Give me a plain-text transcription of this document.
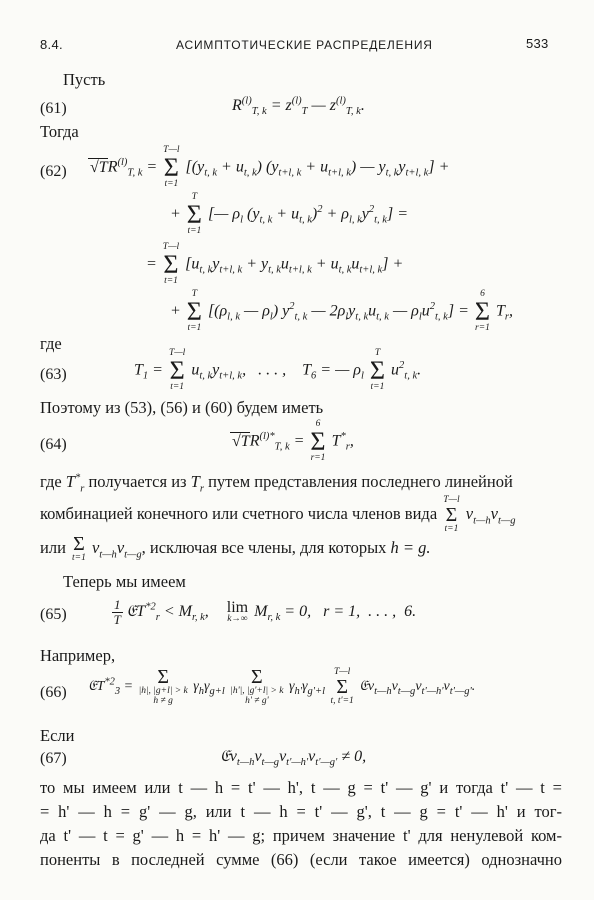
8.4.	АСИМПТОТИЧЕСКИЕ РАСПРЕДЕЛЕНИЯ	533
Пусть
(61)	$R^{(l)}_{T, k} = z^{(l)}_T$ — $z^{(l)}_{T, k}$.
Тогда
(62) $√TR^{(l)}_{T, k}$ =
T—l
Σ
t=1
[$(y_{t, k} + u_{t, k}) (y_{t+l, k} + u_{t+l, k})$ — $y_{t, k}y_{t+l, k}$] +
+
T
Σ
t=1
[— $\rho_l$ $(y_{t, k} + u_{t, k})^2 + \rho_{l, k}y^2_{t, k}$] =
=
T—l
Σ
t=1
$[u_{t, k}y_{t+l, k} + y_{t, k}u_{t+l, k} + u_{t, k}u_{t+l, k}]$ +
+
T
Σ
t=1
[($\rho_{l, k}$ — $\rho_l$) $y^2_{t, k}$ — $2\rho_ly_{t, k}u_{t, k}$ — $\rho_lu^2_{t, k}$] =
6
Σ
r=1
$T_r$,
где
(63)	$T_1$ =
T—l
Σ
t=1
$u_{t, k}y_{t+l, k}$,   . . . ,    $T_6$ = — $\rho_l$
T
Σ
t=1
$u^2_{t, k}$.
Поэтому из (53), (56) и (60) будем иметь
(64)	$√TR^{(l)*}_{T, k}$ =
6
Σ
r=1
$T^*_r$,
где $T^*_r$ получается из $T_r$ путем представления последнего линейной
комбинацией конечного или счетного числа членов вида
T—l
Σ
t=1
$v_{t—h}v_{t—g}$
или Σ
t=1
$v_{t—h}v_{t—g}$, исключая все члены, для которых h = g.
Теперь мы имеем
(65)	$\frac{1}{T}$ 𝔈T$^{*2}_r$ < $M_{r, k}$, lim
k→∞ $M_{r, k} = 0$,   r = 1,  . . . ,  6.
Например,
(66) 𝔈T$^{*2}_3$ =	Σ
|h|, |g+l| > k
h ≠ g
$\gamma_h\gamma_{g+l}$
Σ
|h'|, |g'+l| > k
h' ≠ g'
$\gamma_{h'}\gamma_{g'+l}$
T—l
Σ
t, t'=1
$𝔈v_{t—h}v_{t—g}v_{t'—h'}v_{t'—g'}$.
Если
(67)	$𝔈v_{t—h}v_{t—g}v_{t'—h'}v_{t'—g'} \ne 0$,
то мы имеем или t — h = t' — h', t — g = t' — g' и тогда t' — t =
= h' — h = g' — g, или t — h = t' — g', t — g = t' — h' и тог-
да t' — t = g' — h = h' — g; причем значение t' для ненулевой ком-
поненты в последней сумме (66) (если такое имеется) однозначно
